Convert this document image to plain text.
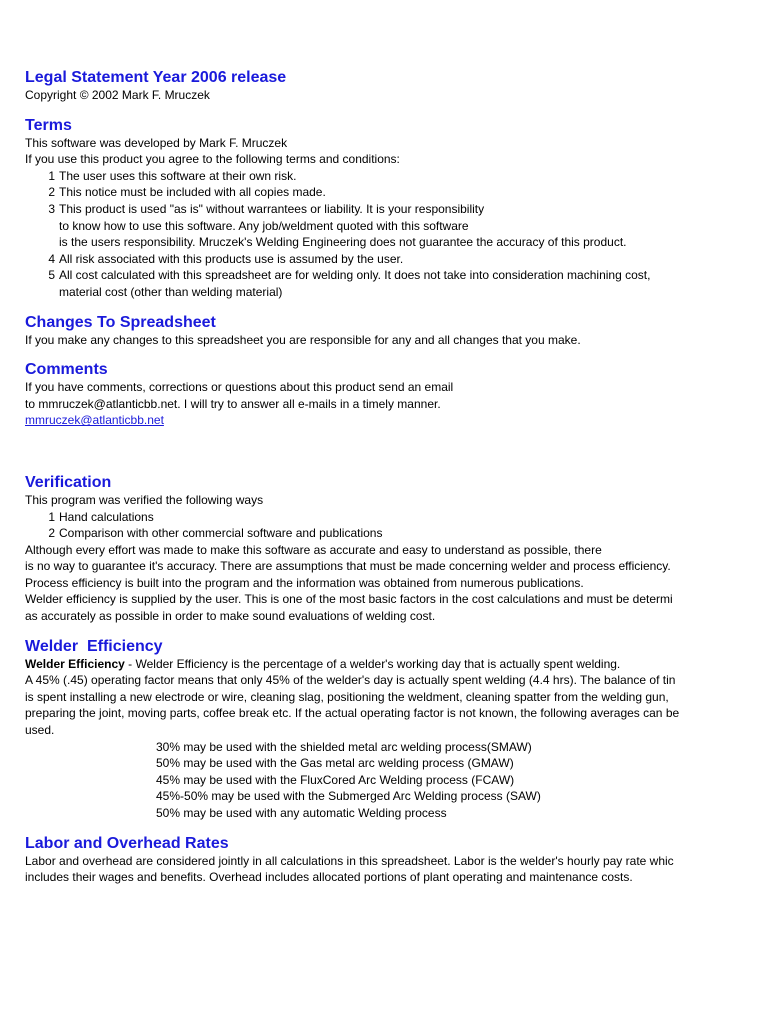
Legal Statement Year 2006 release
Copyright © 2002 Mark F. Mruczek
Terms
This software was developed by Mark F. Mruczek
If you use this product you agree to the following terms and conditions:
1 The user uses this software at their own risk.
2 This notice must be included with all copies made.
3 This product is used "as is" without warrantees or liability. It is your responsibility
to know how to use this software. Any job/weldment quoted with this software
is the users responsibility. Mruczek's Welding Engineering does not guarantee the accuracy of this product.
4 All risk associated with this products use is assumed by the user.
5 All cost calculated with this spreadsheet are for welding only. It does not take into consideration machining cost,
material cost (other than welding material)
Changes To Spreadsheet
If you make any changes to this spreadsheet you are responsible for any and all changes that you make.
Comments
If you have comments, corrections or questions about this product send an email
to mmruczek@atlanticbb.net. I will try to answer all e-mails in a timely manner.
mmruczek@atlanticbb.net
Verification
This program was verified the following ways
1 Hand calculations
2 Comparison with other commercial software and publications
Although every effort was made to make this software as accurate and easy to understand as possible, there
is no way to guarantee it's accuracy. There are assumptions that must be made concerning welder and process efficiency.
Process efficiency is built into the program and the information was obtained from numerous publications.
Welder efficiency is supplied by the user. This is one of the most basic factors in the cost calculations and must be determi
as accurately as possible in order to make sound evaluations of welding cost.
Welder  Efficiency
Welder Efficiency - Welder Efficiency is the percentage of a welder's working day that is actually spent welding.
A 45% (.45) operating factor means that only 45% of the welder's day is actually spent welding (4.4 hrs). The balance of tin
is spent installing a new electrode or wire, cleaning slag, positioning the weldment, cleaning spatter from the welding gun,
preparing the joint, moving parts, coffee break etc. If the actual operating factor is not known, the following averages can be
used.
30% may be used with the shielded metal arc welding process(SMAW)
50% may be used with the Gas metal arc welding process (GMAW)
45% may be used with the FluxCored Arc Welding process (FCAW)
45%-50% may be used with the Submerged Arc Welding process (SAW)
50% may be used with any automatic Welding process
Labor and Overhead Rates
Labor and overhead are considered jointly in all calculations in this spreadsheet. Labor is the welder's hourly pay rate whic
includes their wages and benefits. Overhead includes allocated portions of plant operating and maintenance costs.
